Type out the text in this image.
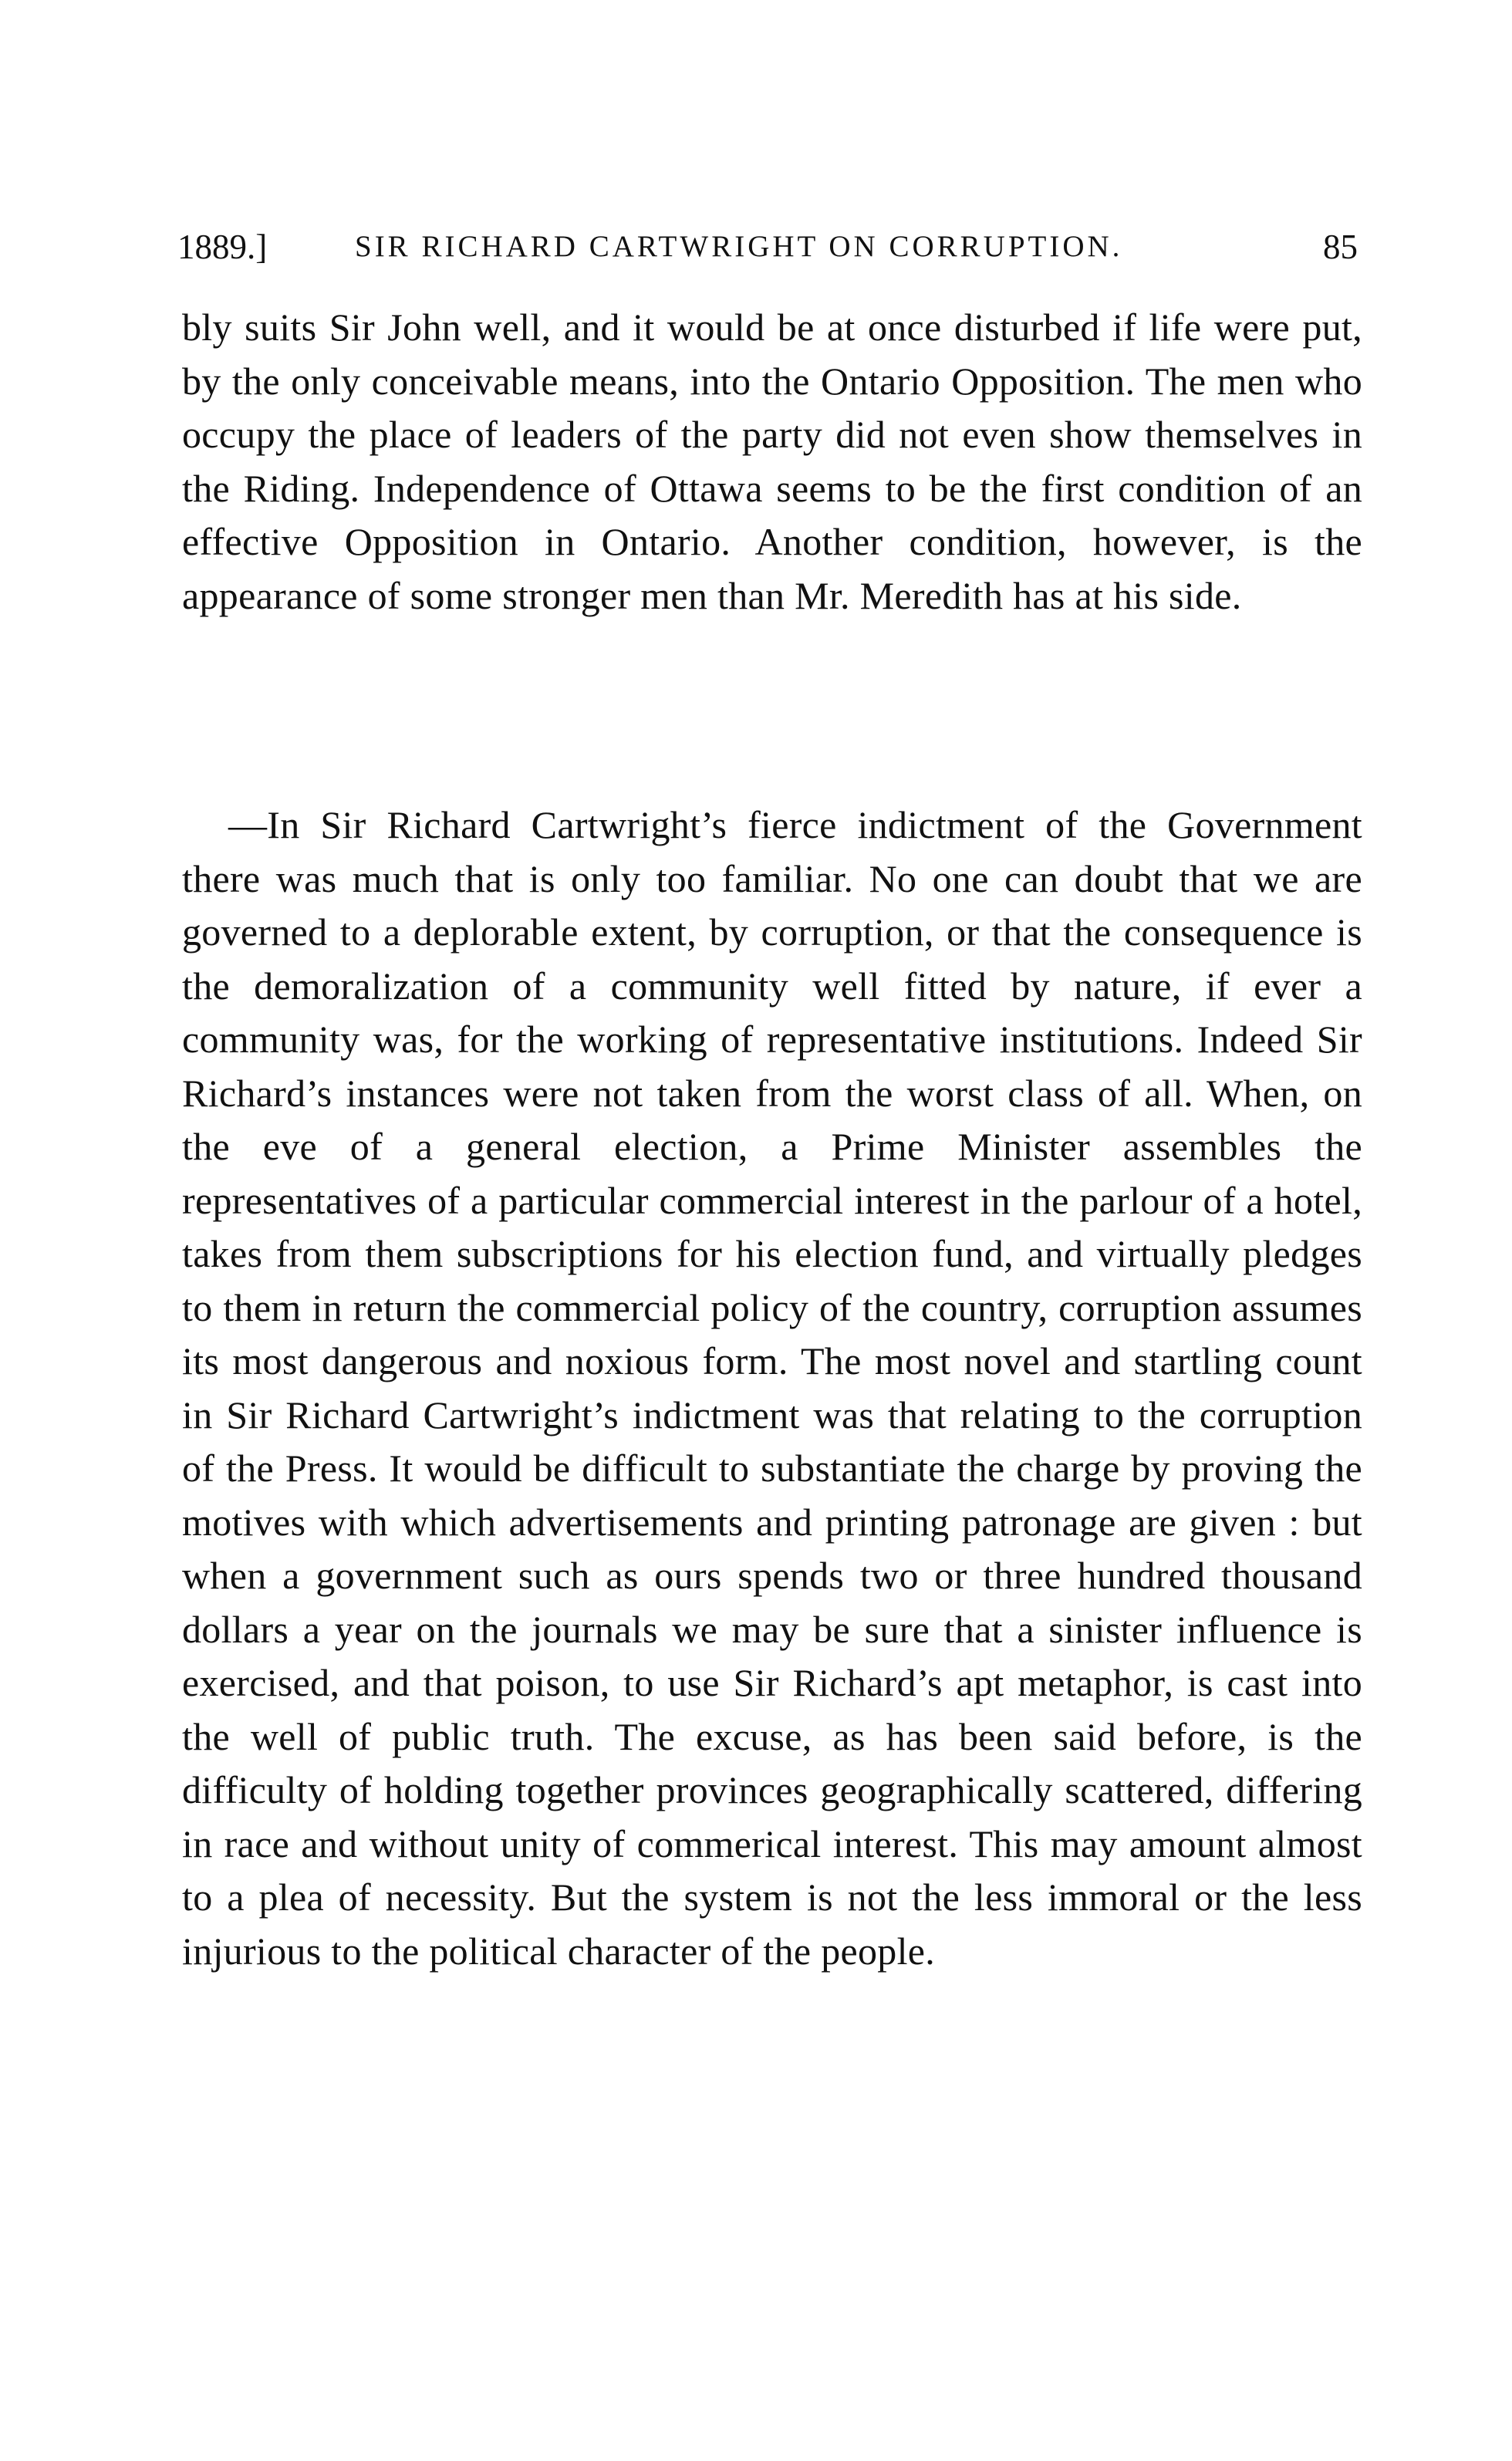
1889.]	SIR RICHARD CARTWRIGHT ON CORRUPTION.	85

bly suits Sir John well, and it would be at once disturbed if life were put, by the only conceivable means, into the Ontario Opposition. The men who occupy the place of leaders of the party did not even show themselves in the Riding. Independence of Ottawa seems to be the first condition of an effective Opposition in Ontario. Another condition, however, is the appearance of some stronger men than Mr. Meredith has at his side.

—In Sir Richard Cartwright’s fierce indictment of the Government there was much that is only too familiar. No one can doubt that we are governed to a deplorable extent, by corruption, or that the consequence is the demoralization of a community well fitted by nature, if ever a community was, for the working of representative institutions. Indeed Sir Richard’s instances were not taken from the worst class of all. When, on the eve of a general election, a Prime Minister assembles the representatives of a particular commercial interest in the parlour of a hotel, takes from them subscriptions for his election fund, and virtually pledges to them in return the commercial policy of the country, corruption assumes its most dangerous and noxious form. The most novel and startling count in Sir Richard Cartwright’s indictment was that relating to the corruption of the Press. It would be difficult to substantiate the charge by proving the motives with which advertisements and printing patronage are given : but when a government such as ours spends two or three hundred thousand dollars a year on the journals we may be sure that a sinister influence is exercised, and that poison, to use Sir Richard’s apt metaphor, is cast into the well of public truth. The excuse, as has been said before, is the difficulty of holding together provinces geographically scattered, differing in race and without unity of commerical interest. This may amount almost to a plea of necessity. But the system is not the less immoral or the less injurious to the political character of the people.
